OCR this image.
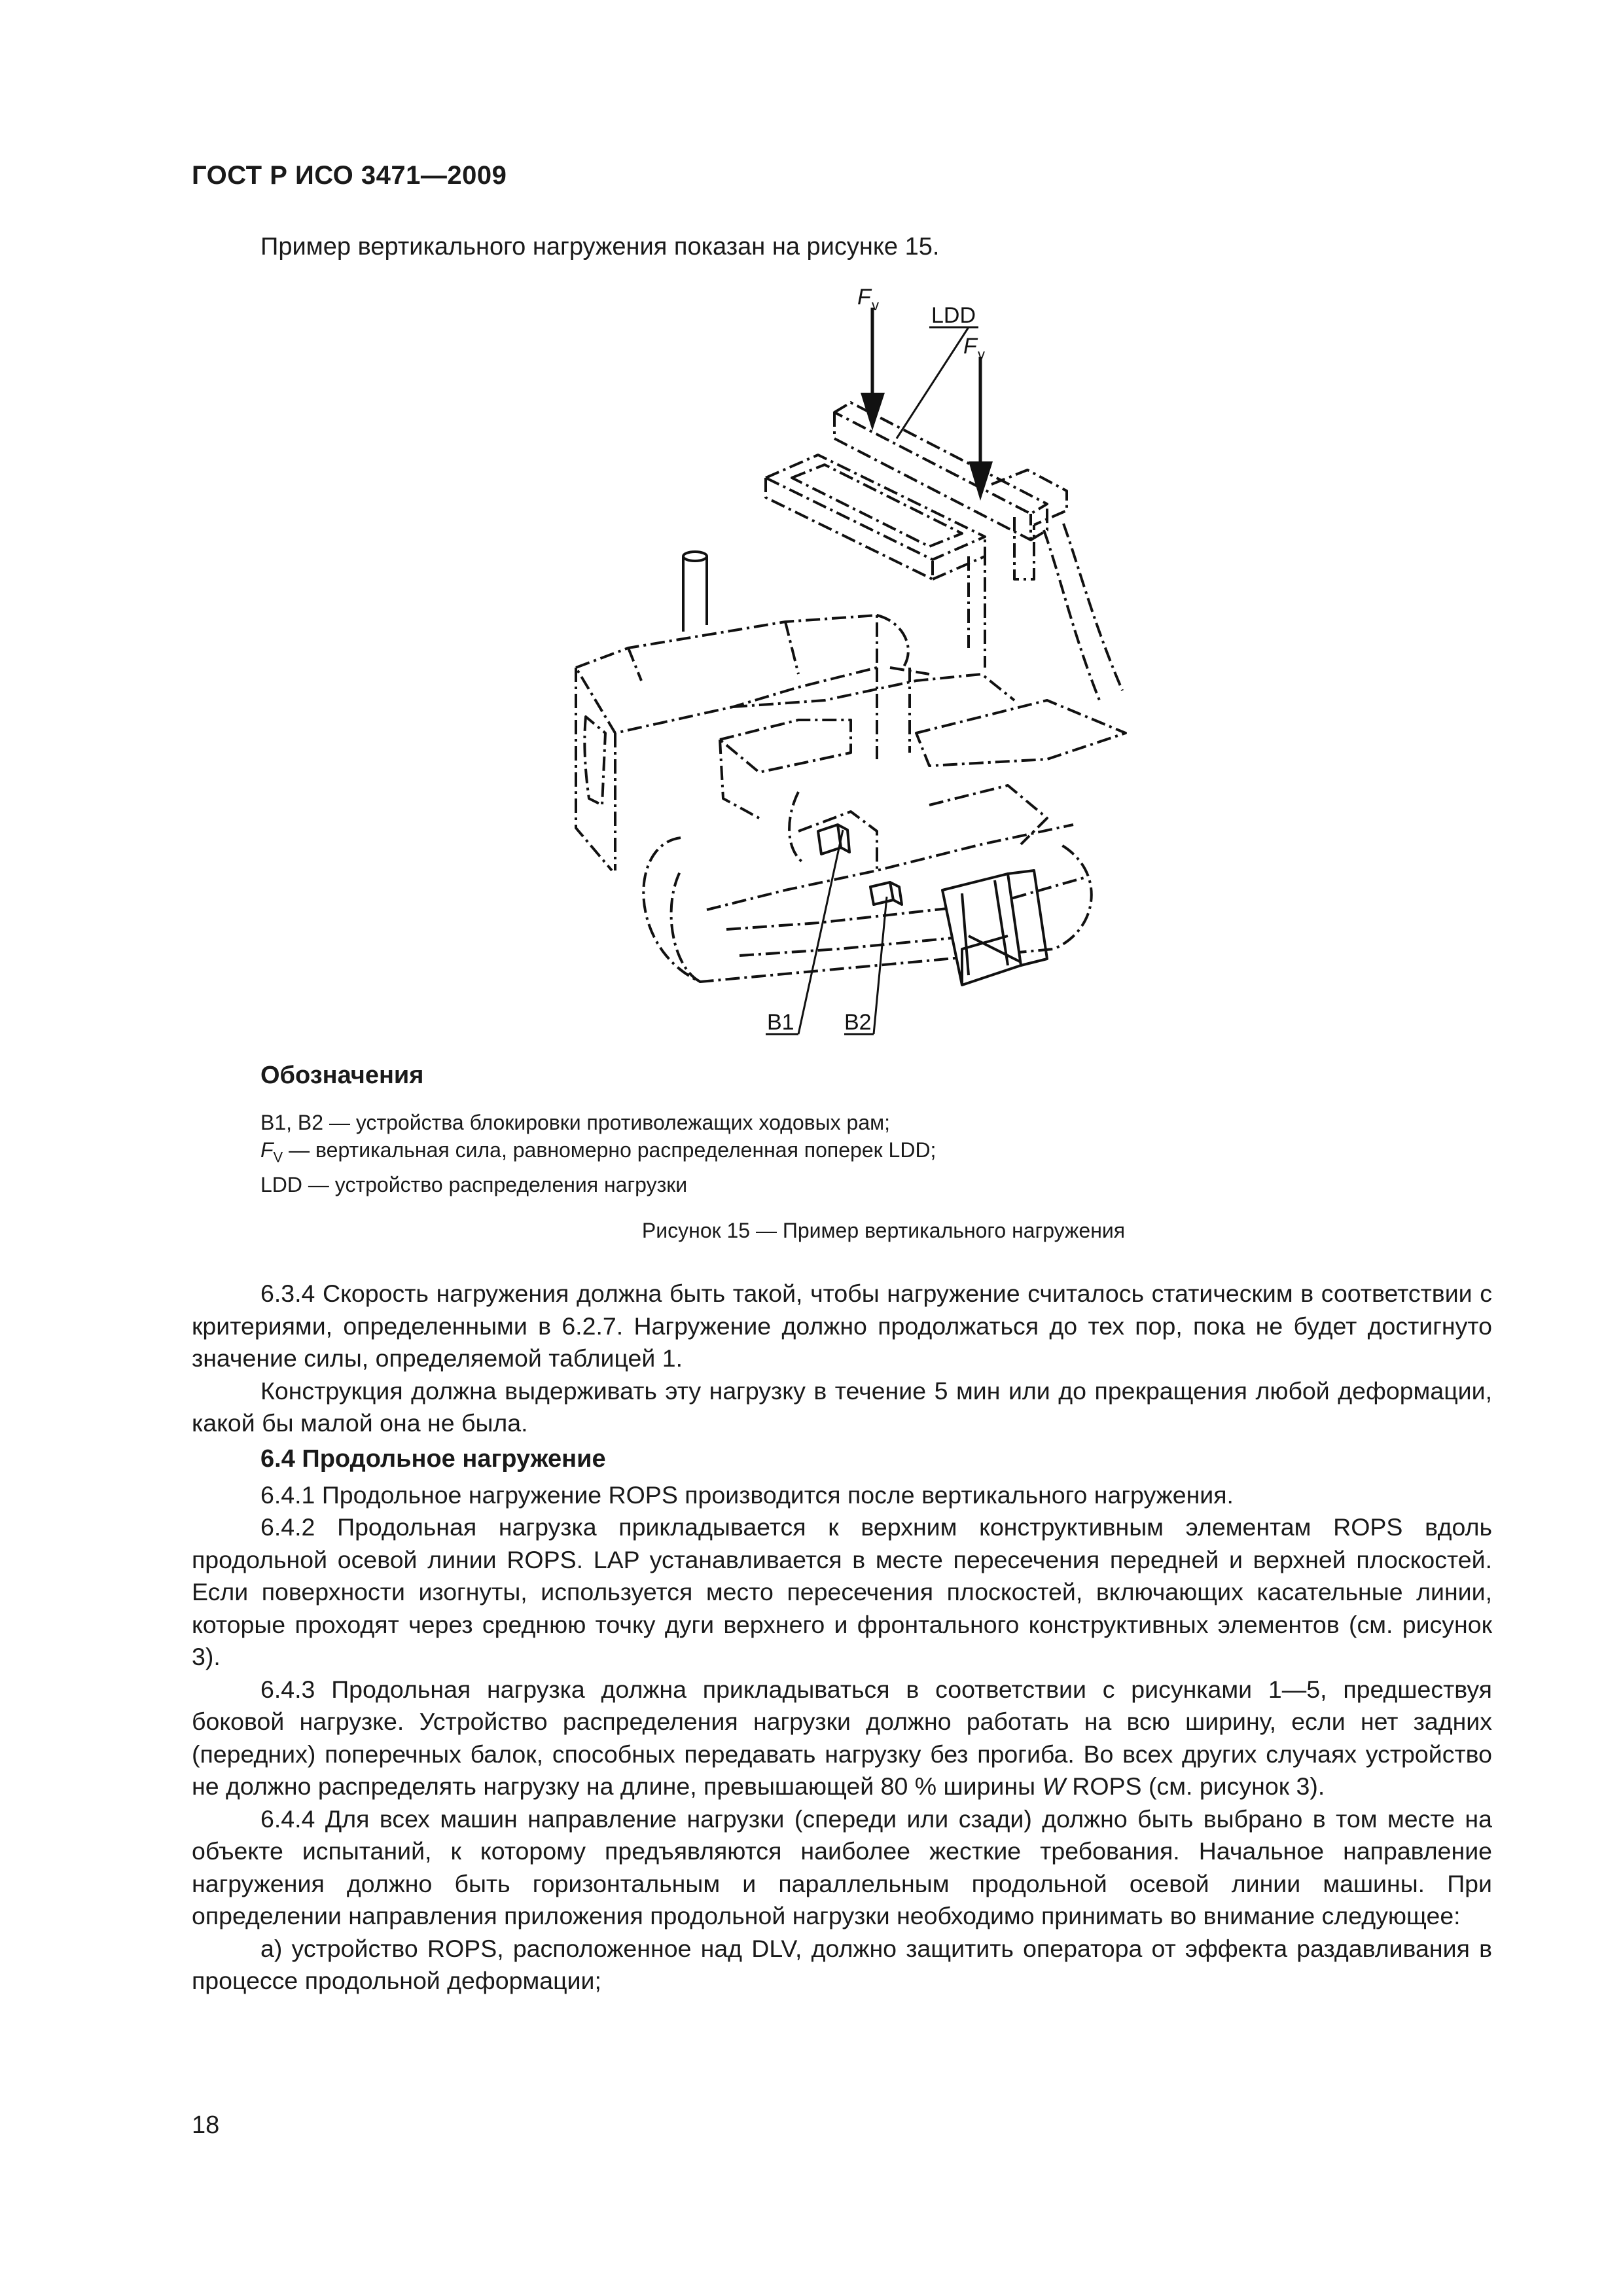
ГОСТ Р ИСО 3471—2009
Пример вертикального нагружения показан на рисунке 15.
F v LDD
F v
B1 B2
Обозначения
В1, В2 — устройства блокировки противолежащих ходовых рам;
$F_V$ — вертикальная сила, равномерно распределенная поперек LDD;
LDD — устройство распределения нагрузки
Рисунок 15 — Пример вертикального нагружения

6.3.4 Скорость нагружения должна быть такой, чтобы нагружение считалось статическим в соответствии с критериями, определенными в 6.2.7. Нагружение должно продолжаться до тех пор, пока не будет достигнуто значение силы, определяемой таблицей 1.

Конструкция должна выдерживать эту нагрузку в течение 5 мин или до прекращения любой деформации, какой бы малой она не была.

6.4 Продольное нагружение

6.4.1 Продольное нагружение ROPS производится после вертикального нагружения.

6.4.2 Продольная нагрузка прикладывается к верхним конструктивным элементам ROPS вдоль продольной осевой линии ROPS. LAP устанавливается в месте пересечения передней и верхней плоскостей. Если поверхности изогнуты, используется место пересечения плоскостей, включающих касательные линии, которые проходят через среднюю точку дуги верхнего и фронтального конструктивных элементов (см. рисунок 3).

6.4.3 Продольная нагрузка должна прикладываться в соответствии с рисунками 1—5, предшествуя боковой нагрузке. Устройство распределения нагрузки должно работать на всю ширину, если нет задних (передних) поперечных балок, способных передавать нагрузку без прогиба. Во всех других случаях устройство не должно распределять нагрузку на длине, превышающей 80 % ширины W ROPS (см. рисунок 3).

6.4.4 Для всех машин направление нагрузки (спереди или сзади) должно быть выбрано в том месте на объекте испытаний, к которому предъявляются наиболее жесткие требования. Начальное направление нагружения должно быть горизонтальным и параллельным продольной осевой линии машины. При определении направления приложения продольной нагрузки необходимо принимать во внимание следующее:

а) устройство ROPS, расположенное над DLV, должно защитить оператора от эффекта раздавливания в процессе продольной деформации;

18
